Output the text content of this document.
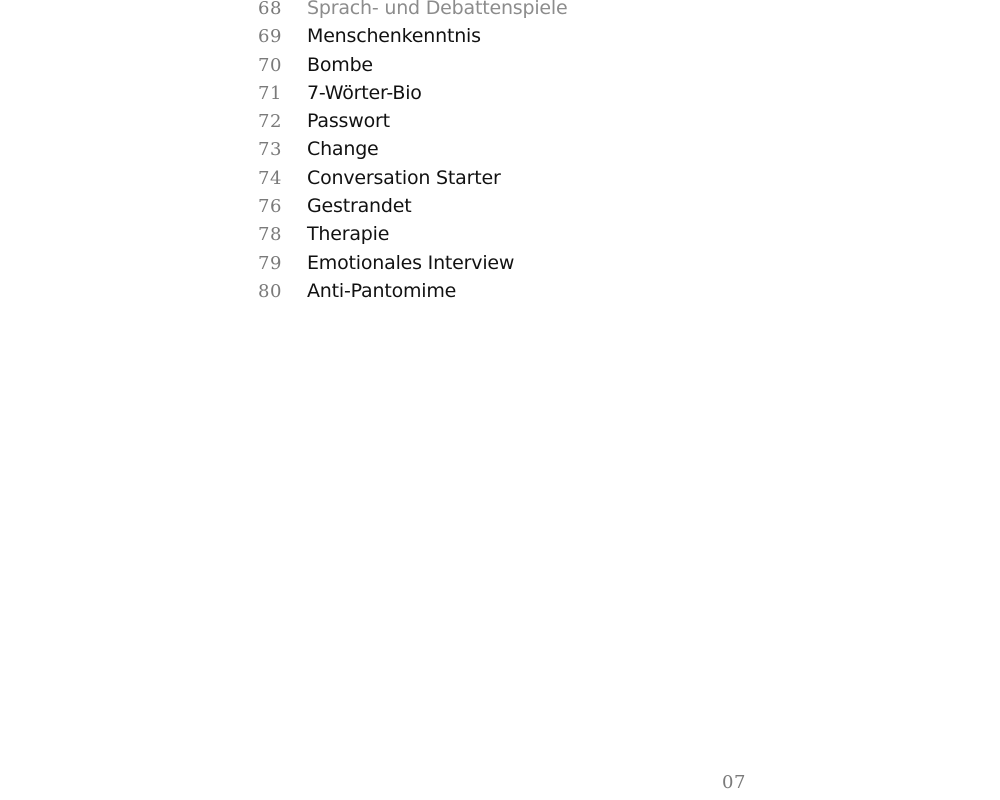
68	Sprach- und Debattenspiele
69	Menschenkenntnis
70	Bombe
71	7-Wörter-Bio
72	Passwort
73	Change
74	Conversation Starter
76	Gestrandet
78	Therapie
79	Emotionales Interview
80	Anti-Pantomime
07
